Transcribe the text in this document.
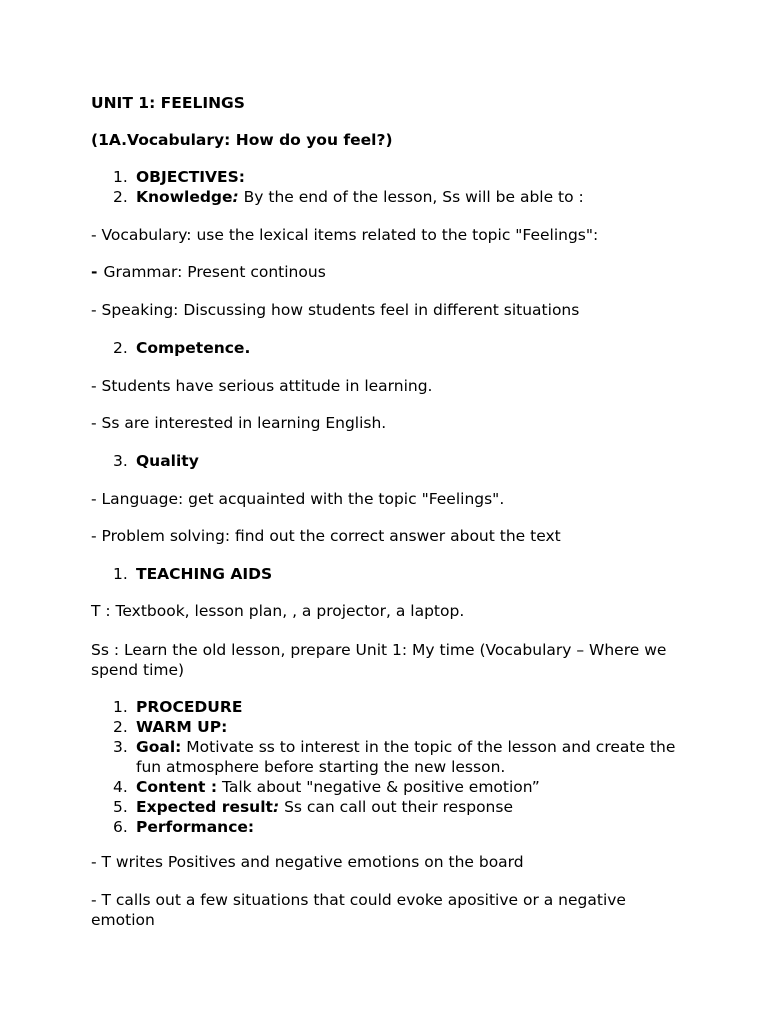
UNIT 1: FEELINGS
(1A.Vocabulary: How do you feel?)
1. OBJECTIVES:
2. Knowledge: By the end of the lesson, Ss will be able to :
- Vocabulary: use the lexical items related to the topic "Feelings":
- Grammar: Present continous
- Speaking: Discussing how students feel in different situations
2. Competence.
- Students have serious attitude in learning.
- Ss are interested in learning English.
3. Quality
- Language: get acquainted with the topic "Feelings".
- Problem solving: find out the correct answer about the text
1. TEACHING AIDS
T : Textbook, lesson plan, , a projector, a laptop.
Ss : Learn the old lesson, prepare Unit 1: My time (Vocabulary – Where we spend time)
1. PROCEDURE
2. WARM UP:
3. Goal: Motivate ss to interest in the topic of the lesson and create the fun atmosphere before starting the new lesson.
4. Content : Talk about "negative & positive emotion”
5. Expected result: Ss can call out their response
6. Performance:
- T writes Positives and negative emotions on the board
- T calls out a few situations that could evoke apositive or a negative emotion
